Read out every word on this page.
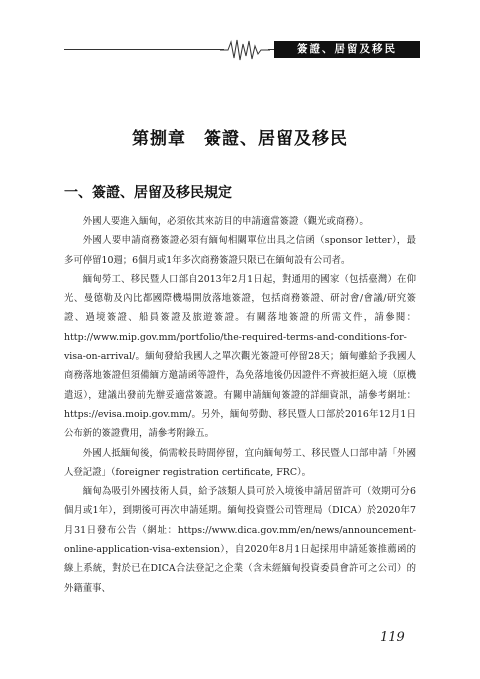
簽證、居留及移民
第捌章　簽證、居留及移民
一、簽證、居留及移民規定

外國人要進入緬甸，必須依其來訪目的申請適當簽證（觀光或商務）。

外國人要申請商務簽證必須有緬甸相關單位出具之信函（sponsor letter），最多可停留10週；6個月或1年多次商務簽證只限已在緬甸設有公司者。

緬甸勞工、移民暨人口部自2013年2月1日起，對通用的國家（包括臺灣）在仰光、曼德勒及內比都國際機場開放落地簽證，包括商務簽證、研討會/會議/研究簽證、過境簽證、船員簽證及旅遊簽證。有關落地簽證的所需文件，請參閱：http://www.mip.gov.mm/portfolio/the-required-terms-and-conditions-for-visa-on-arrival/。緬甸發給我國人之單次觀光簽證可停留28天；緬甸雖給予我國人商務落地簽證但須備緬方邀請函等證件，為免落地後仍因證件不齊被拒絕入境（原機遣返），建議出發前先辦妥適當簽證。有關申請緬甸簽證的詳細資訊，請參考網址：https://evisa.moip.gov.mm/。另外，緬甸勞動、移民暨人口部於2016年12月1日公布新的簽證費用，請參考附錄五。

外國人抵緬甸後，倘需較長時間停留，宜向緬甸勞工、移民暨人口部申請「外國人登記證」（foreigner registration certificate, FRC）。

緬甸為吸引外國技術人員，給予該類人員可於入境後申請居留許可（效期可分6個月或1年），到期後可再次申請延期。緬甸投資暨公司管理局（DICA）於2020年7月31日發布公告（網址：https://www.dica.gov.mm/en/news/announcement-online-application-visa-extension），自2020年8月1日起採用申請延簽推薦函的線上系統，對於已在DICA合法登記之企業（含未經緬甸投資委員會許可之公司）的外籍董事、

119
